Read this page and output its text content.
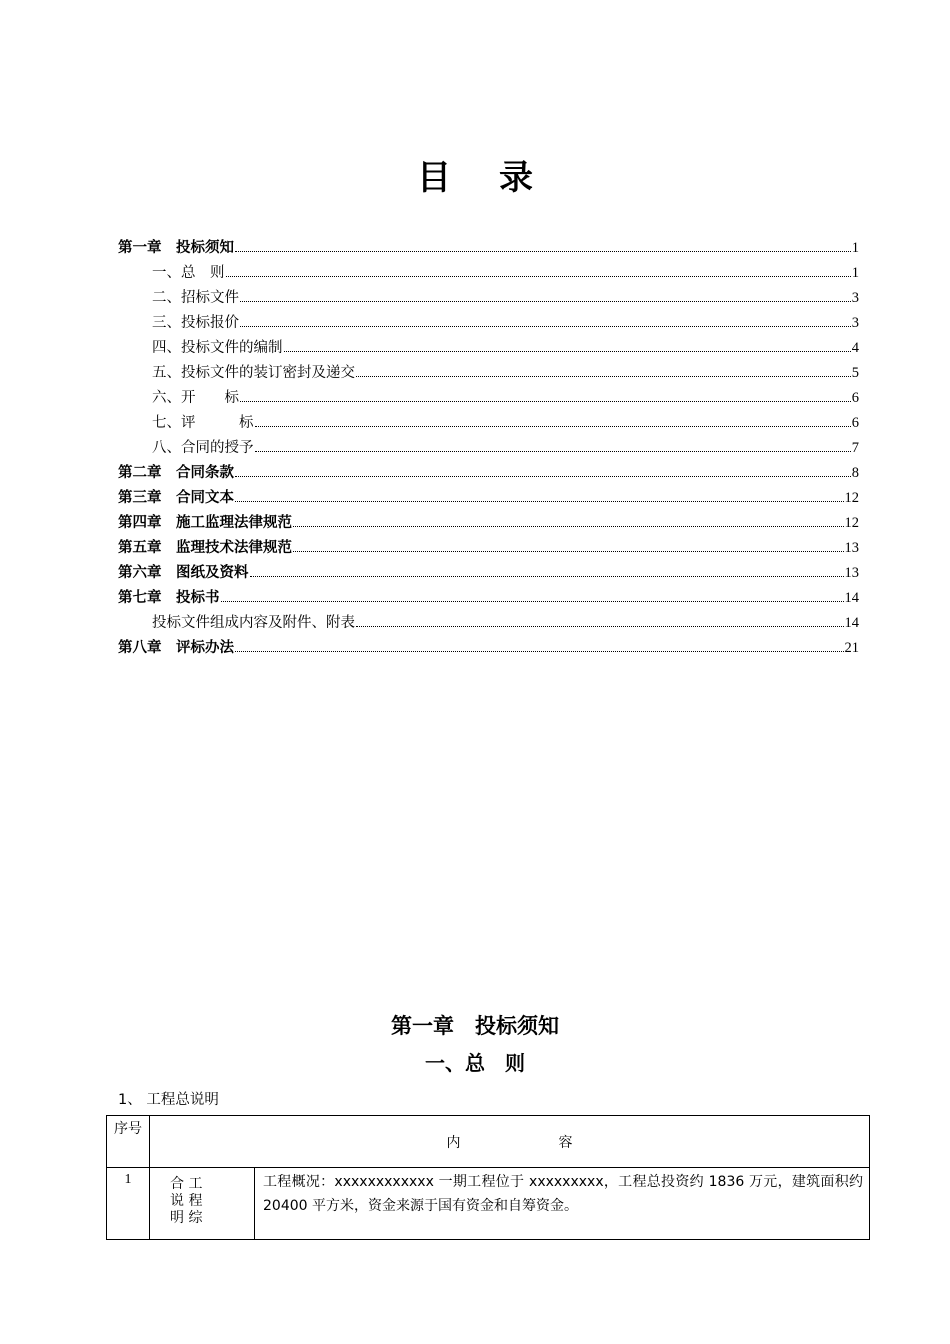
目录
第一章　投标须知	1
一、总　则	1
二、招标文件	3
三、投标报价	3
四、投标文件的编制	4
五、投标文件的装订密封及递交	5
六、开　　标	6
七、评　　　标	6
八、合同的授予	7
第二章　合同条款	8
第三章　合同文本	12
第四章　施工监理法律规范	12
第五章　监理技术法律规范	13
第六章　图纸及资料	13
第七章　投标书	14
投标文件组成内容及附件、附表	14
第八章　评标办法	21
第一章　投标须知
一、总　则
1、 工程总说明
序号	内　　　　　　　容	
1	合 工
说 程
明 综	工程概况：xxxxxxxxxxxx 一期工程位于 xxxxxxxxx，工程总投资约 1836 万元，建筑面积约 20400 平方米，资金来源于国有资金和自筹资金。
